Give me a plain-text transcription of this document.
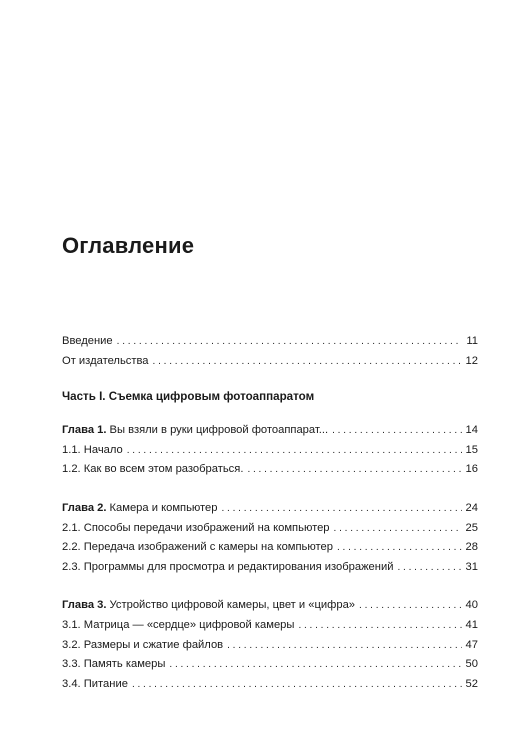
Оглавление
Введение . . .	11
От издательства . . .	12
Часть I. Съемка цифровым фотоаппаратом
Глава 1. Вы взяли в руки цифровой фотоаппарат... . . .	14
1.1. Начало . . .	15
1.2. Как во всем этом разобраться. . . .	16
Глава 2. Камера и компьютер . . .	24
2.1. Способы передачи изображений на компьютер . . .	25
2.2. Передача изображений с камеры на компьютер . . .	28
2.3. Программы для просмотра и редактирования изображений . . .	31
Глава 3. Устройство цифровой камеры, цвет и «цифра» . . .	40
3.1. Матрица — «сердце» цифровой камеры . . .	41
3.2. Размеры и сжатие файлов . . .	47
3.3. Память камеры . . .	50
3.4. Питание . . .	52
